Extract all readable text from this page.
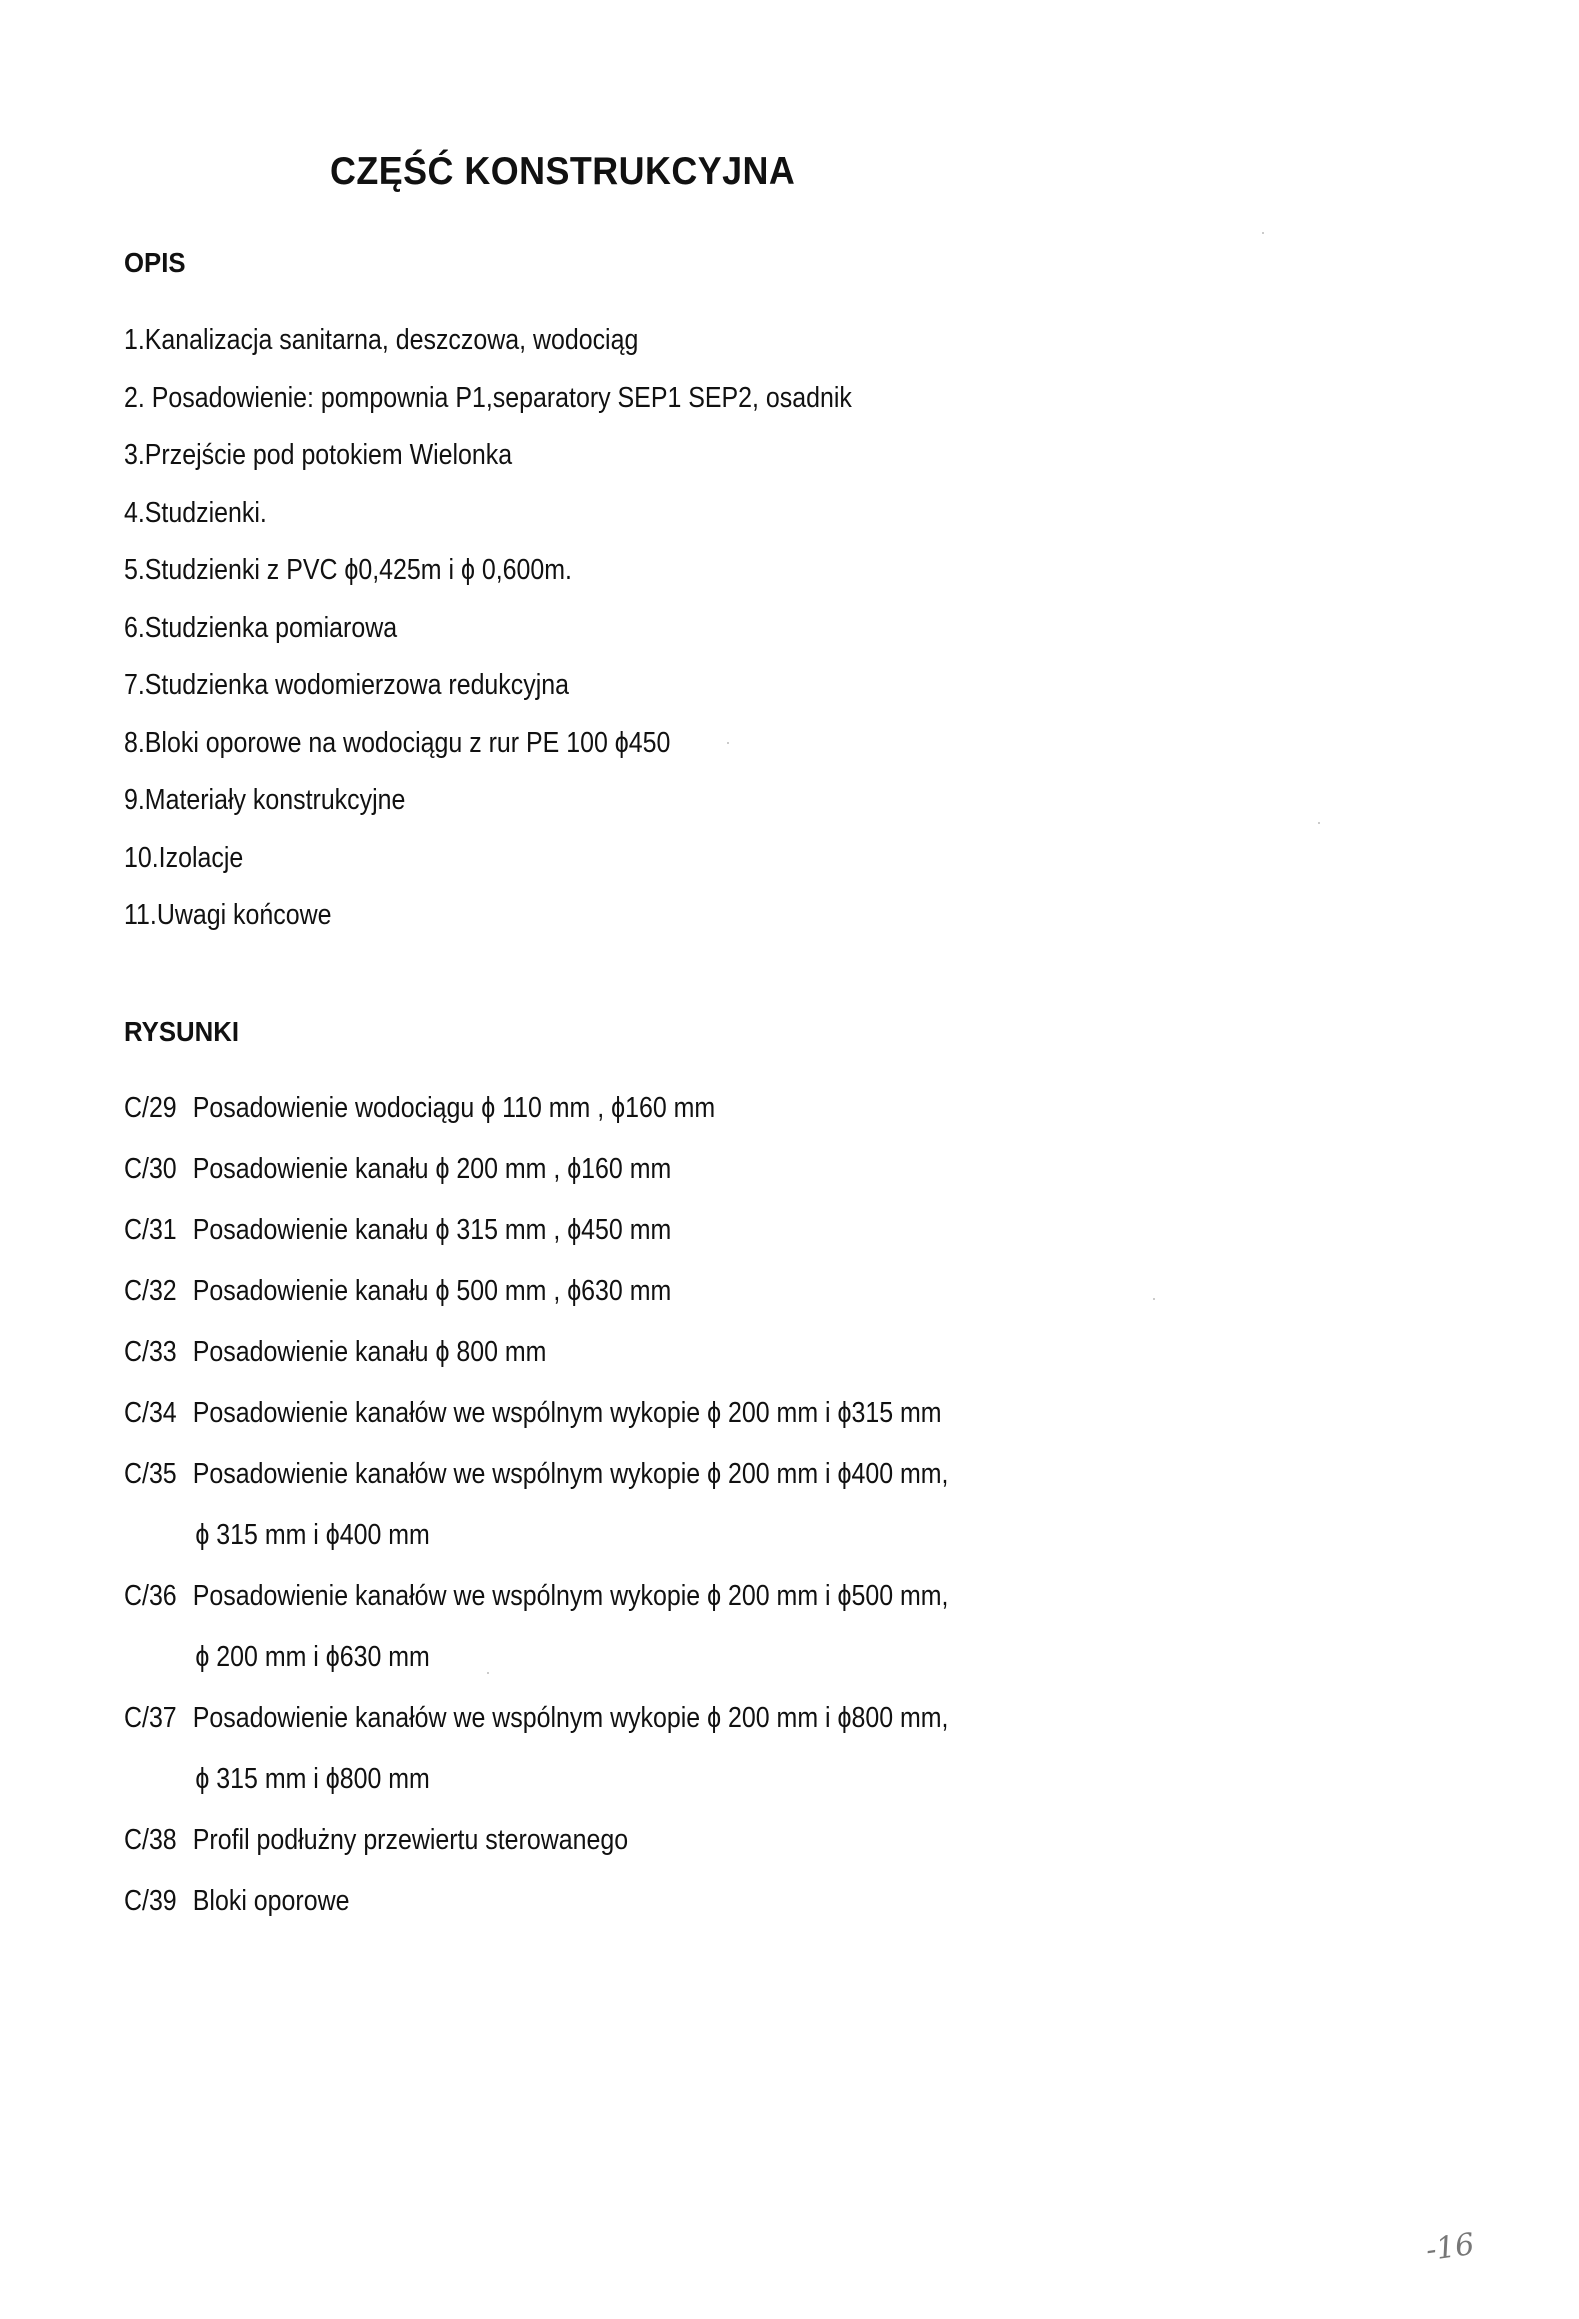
CZĘŚĆ KONSTRUKCYJNA
OPIS
1.Kanalizacja sanitarna, deszczowa, wodociąg
2. Posadowienie: pompownia P1,separatory SEP1 SEP2, osadnik
3.Przejście pod potokiem Wielonka
4.Studzienki.
5.Studzienki z PVC ϕ0,425m i ϕ 0,600m.
6.Studzienka pomiarowa
7.Studzienka wodomierzowa redukcyjna
8.Bloki oporowe na wodociągu z rur PE 100 ϕ450
9.Materiały konstrukcyjne
10.Izolacje
11.Uwagi końcowe
RYSUNKI
C/29 Posadowienie wodociągu ϕ 110 mm , ϕ160 mm
C/30 Posadowienie kanału ϕ 200 mm , ϕ160 mm
C/31 Posadowienie kanału ϕ 315 mm , ϕ450 mm
C/32 Posadowienie kanału ϕ 500 mm , ϕ630 mm
C/33 Posadowienie kanału ϕ 800 mm
C/34 Posadowienie kanałów we wspólnym wykopie ϕ 200 mm i ϕ315 mm
C/35 Posadowienie kanałów we wspólnym wykopie ϕ 200 mm i ϕ400 mm,
ϕ 315 mm i ϕ400 mm
C/36 Posadowienie kanałów we wspólnym wykopie ϕ 200 mm i ϕ500 mm,
ϕ 200 mm i ϕ630 mm
C/37 Posadowienie kanałów we wspólnym wykopie ϕ 200 mm i ϕ800 mm,
ϕ 315 mm i ϕ800 mm
C/38 Profil podłużny przewiertu sterowanego
C/39 Bloki oporowe
-16
